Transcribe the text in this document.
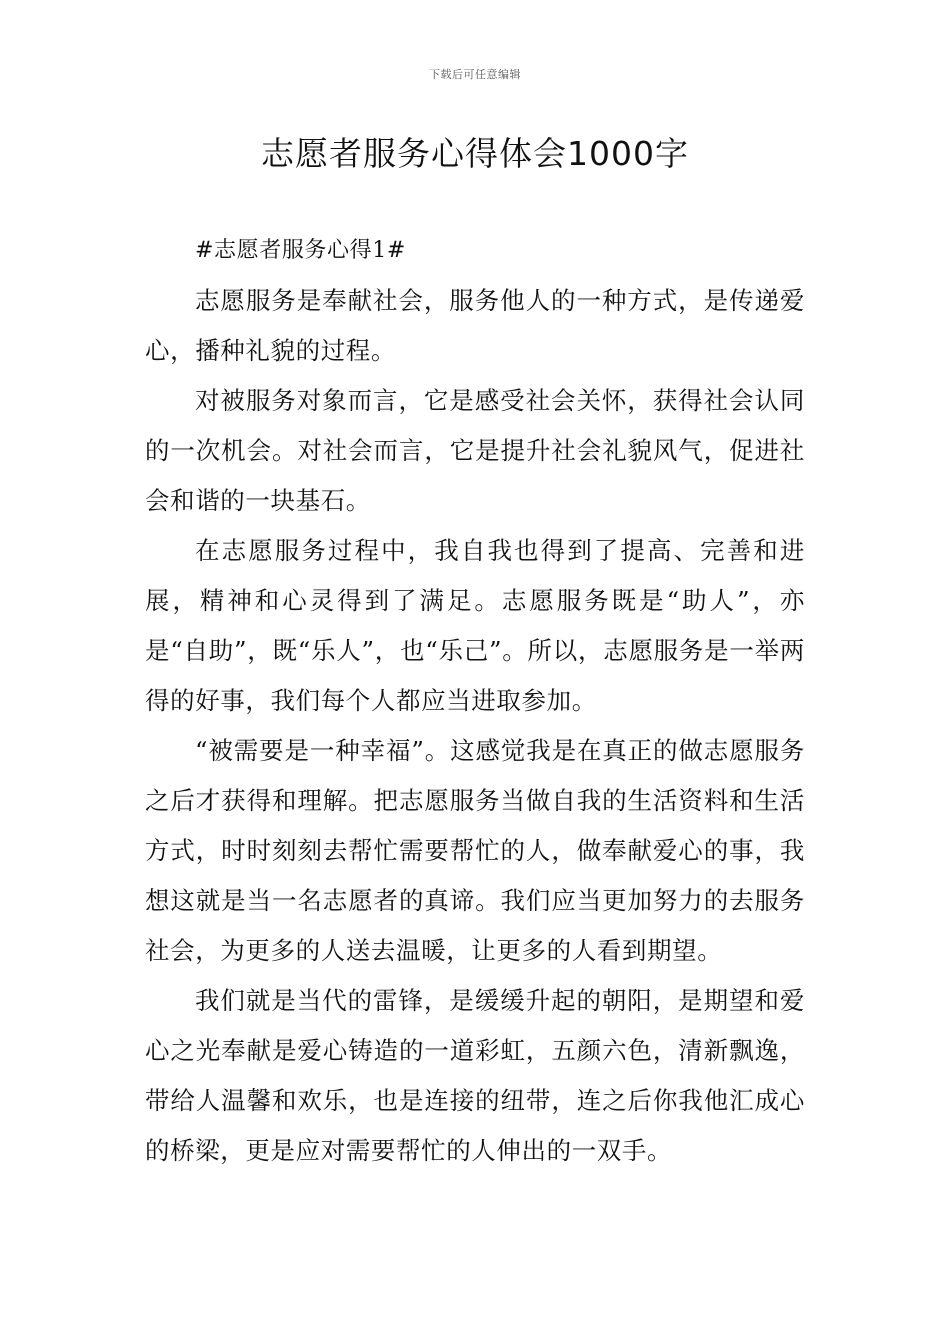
下载后可任意编辑
志愿者服务心得体会1000字

#志愿者服务心得1#

志愿服务是奉献社会，服务他人的一种方式，是传递爱心，播种礼貌的过程。

对被服务对象而言，它是感受社会关怀，获得社会认同的一次机会。对社会而言，它是提升社会礼貌风气，促进社会和谐的一块基石。

在志愿服务过程中，我自我也得到了提高、完善和进展，精神和心灵得到了满足。志愿服务既是“助人”，亦是“自助”，既“乐人”，也“乐己”。所以，志愿服务是一举两得的好事，我们每个人都应当进取参加。

“被需要是一种幸福”。这感觉我是在真正的做志愿服务之后才获得和理解。把志愿服务当做自我的生活资料和生活方式，时时刻刻去帮忙需要帮忙的人，做奉献爱心的事，我想这就是当一名志愿者的真谛。我们应当更加努力的去服务社会，为更多的人送去温暖，让更多的人看到期望。

我们就是当代的雷锋，是缓缓升起的朝阳，是期望和爱心之光奉献是爱心铸造的一道彩虹，五颜六色，清新飘逸，带给人温馨和欢乐，也是连接的纽带，连之后你我他汇成心的桥梁，更是应对需要帮忙的人伸出的一双手。
